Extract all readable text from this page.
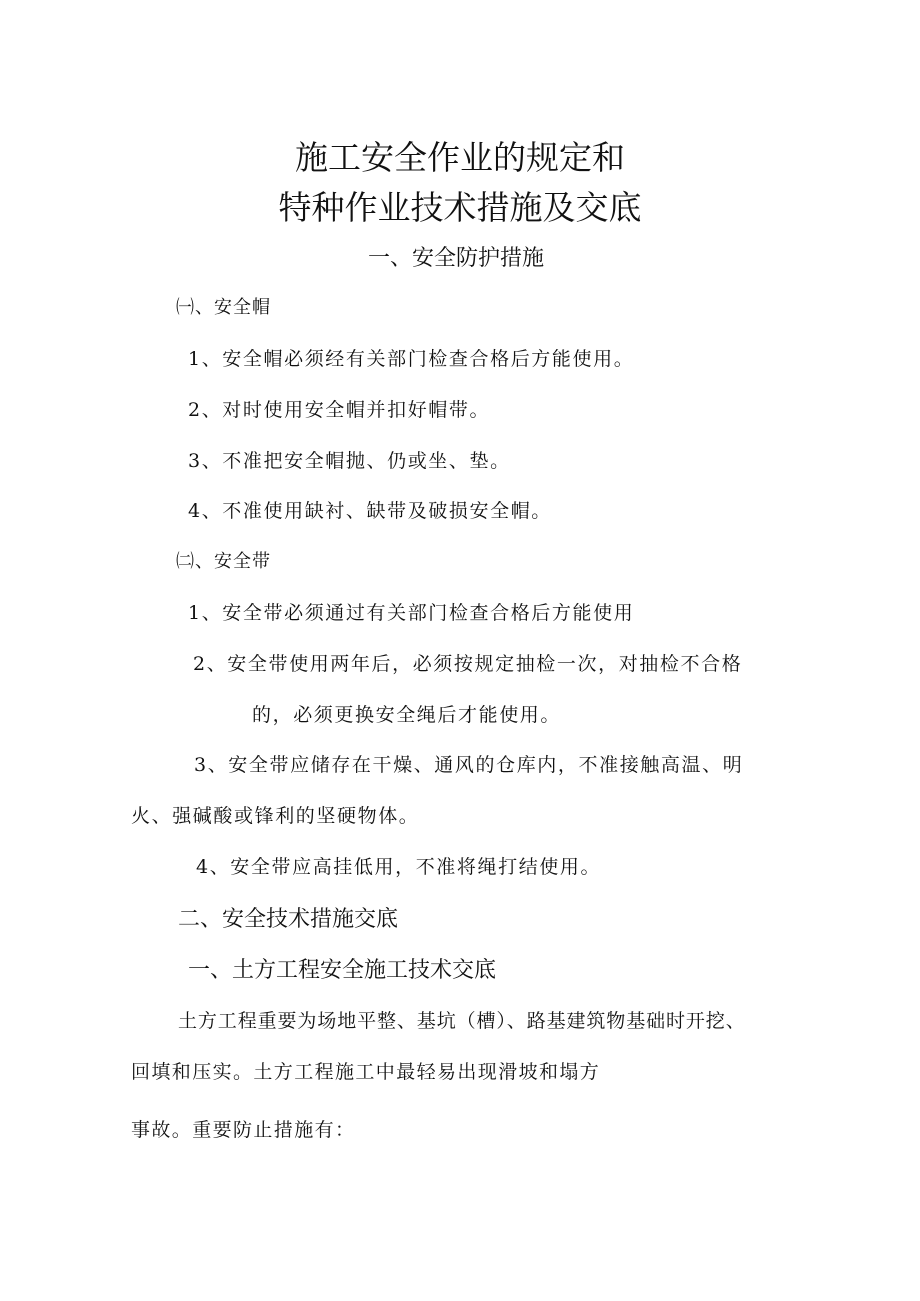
施工安全作业的规定和
特种作业技术措施及交底
一、安全防护措施
㈠、安全帽
1、安全帽必须经有关部门检查合格后方能使用。
2、对时使用安全帽并扣好帽带。
3、不准把安全帽抛、仍或坐、垫。
4、不准使用缺衬、缺带及破损安全帽。
㈡、安全带
1、安全带必须通过有关部门检查合格后方能使用
2、安全带使用两年后，必须按规定抽检一次，对抽检不合格
的，必须更换安全绳后才能使用。
3、安全带应储存在干燥、通风的仓库内，不准接触高温、明
火、强碱酸或锋利的坚硬物体。
4、安全带应高挂低用，不准将绳打结使用。
二、安全技术措施交底
一、土方工程安全施工技术交底
土方工程重要为场地平整、基坑（槽）、路基建筑物基础时开挖、
回填和压实。土方工程施工中最轻易出现滑坡和塌方
事故。重要防止措施有：
